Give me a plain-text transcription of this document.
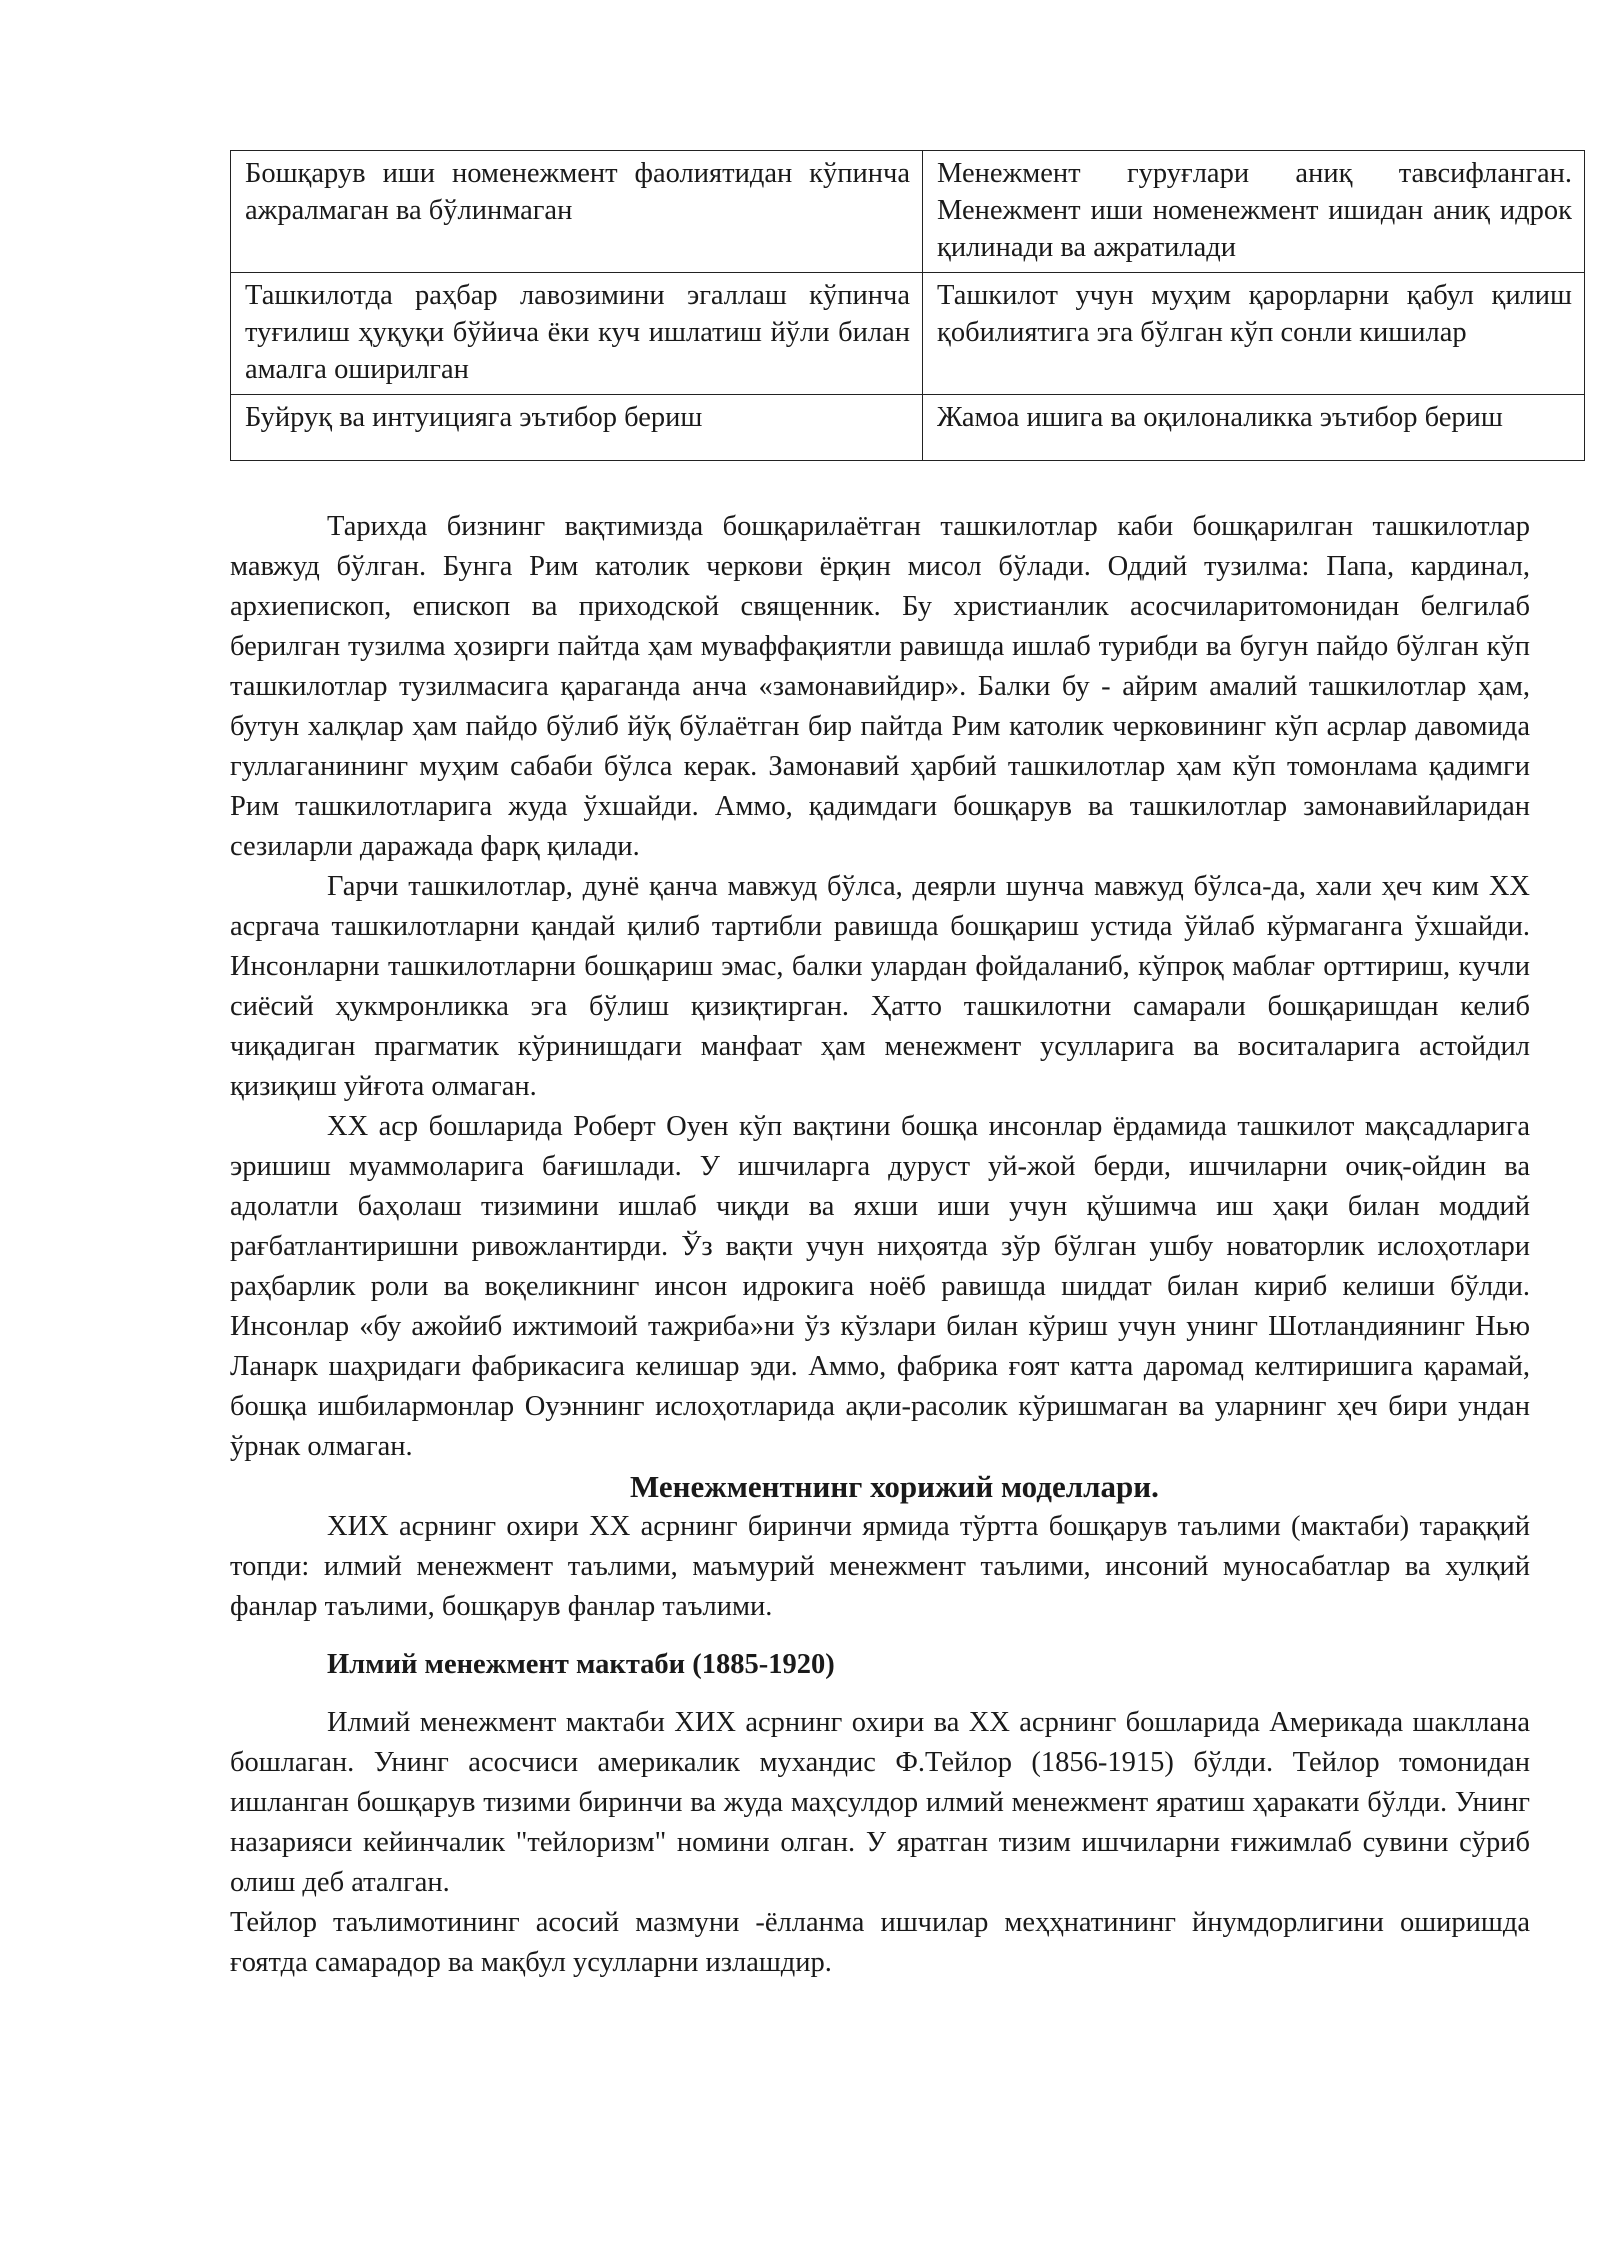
Бошқарув иши номенежмент фаолиятидан кўпинча ажралмаган ва бўлинмаган	Менежмент гуруғлари аниқ тавсифланган. Менежмент иши номенежмент ишидан аниқ идрок қилинади ва ажратилади
Ташкилотда раҳбар лавозимини эгаллаш кўпинча туғилиш ҳуқуқи бўйича ёки куч ишлатиш йўли билан амалга оширилган	Ташкилот учун муҳим қарорларни қабул қилиш қобилиятига эга бўлган кўп сонли кишилар
Буйруқ ва интуицияга эътибор бериш	Жамоа ишига ва оқилоналикка эътибор бериш

Тарихда бизнинг вақтимизда бошқарилаётган ташкилотлар каби бошқарилган ташкилотлар мавжуд бўлган. Бунга Рим католик черкови ёрқин мисол бўлади. Оддий тузилма: Папа, кардинал, архиепископ, епископ ва приходской священник. Бу христианлик асосчиларитомонидан белгилаб берилган тузилма ҳозирги пайтда ҳам муваффақиятли равишда ишлаб турибди ва бугун пайдо бўлган кўп ташкилотлар тузилмасига қараганда анча «замонавийдир». Балки бу - айрим амалий ташкилотлар ҳам, бутун халқлар ҳам пайдо бўлиб йўқ бўлаётган бир пайтда Рим католик черковининг кўп асрлар давомида гуллаганининг муҳим сабаби бўлса керак. Замонавий ҳарбий ташкилотлар ҳам кўп томонлама қадимги Рим ташкилотларига жуда ўхшайди. Аммо, қадимдаги бошқарув ва ташкилотлар замонавийларидан сезиларли даражада фарқ қилади.

Гарчи ташкилотлар, дунё қанча мавжуд бўлса, деярли шунча мавжуд бўлса-да, хали ҳеч ким ХХ асргача ташкилотларни қандай қилиб тартибли равишда бошқариш устида ўйлаб кўрмаганга ўхшайди. Инсонларни ташкилотларни бошқариш эмас, балки улардан фойдаланиб, кўпроқ маблағ орттириш, кучли сиёсий ҳукмронликка эга бўлиш қизиқтирган. Ҳатто ташкилотни самарали бошқаришдан келиб чиқадиган прагматик кўринишдаги манфаат ҳам менежмент усулларига ва воситаларига астойдил қизиқиш уйғота олмаган.

ХХ аср бошларида Роберт Оуен кўп вақтини бошқа инсонлар ёрдамида ташкилот мақсадларига эришиш муаммоларига бағишлади. У ишчиларга дуруст уй-жой берди, ишчиларни очиқ-ойдин ва адолатли баҳолаш тизимини ишлаб чиқди ва яхши иши учун қўшимча иш ҳақи билан моддий рағбатлантиришни ривожлантирди. Ўз вақти учун ниҳоятда зўр бўлган ушбу новаторлик ислоҳотлари раҳбарлик роли ва воқеликнинг инсон идрокига ноёб равишда шиддат билан кириб келиши бўлди. Инсонлар «бу ажойиб ижтимоий тажриба»ни ўз кўзлари билан кўриш учун унинг Шотландиянинг Нью Ланарк шаҳридаги фабрикасига келишар эди. Аммо, фабрика ғоят катта даромад келтиришига қарамай, бошқа ишбилармонлар Оуэннинг ислоҳотларида ақли-расолик кўришмаган ва уларнинг ҳеч бири ундан ўрнак олмаган.

Менежментнинг хорижий моделлари.

ХИХ асрнинг охири ХХ асрнинг биринчи ярмида тўртта бошқарув таълими (мактаби) тараққий топди: илмий менежмент таълими, маъмурий менежмент таълими, инсоний муносабатлар ва хулқий фанлар таълими, бошқарув фанлар таълими.

Илмий менежмент мактаби (1885-1920)

Илмий менежмент мактаби ХИХ асрнинг охири ва ХХ асрнинг бошларида Америкада шакллана бошлаган. Унинг асосчиси америкалик мухандис Ф.Тейлор (1856-1915) бўлди. Тейлор томонидан ишланган бошқарув тизими биринчи ва жуда маҳсулдор илмий менежмент яратиш ҳаракати бўлди. Унинг назарияси кейинчалик "тейлоризм" номини олган. У яратган тизим ишчиларни ғижимлаб сувини сўриб олиш деб аталган.

Тейлор таълимотининг асосий мазмуни -ёлланма ишчилар меҳҳнатининг йнумдорлигини оширишда ғоятда самарадор ва мақбул усулларни излашдир.
